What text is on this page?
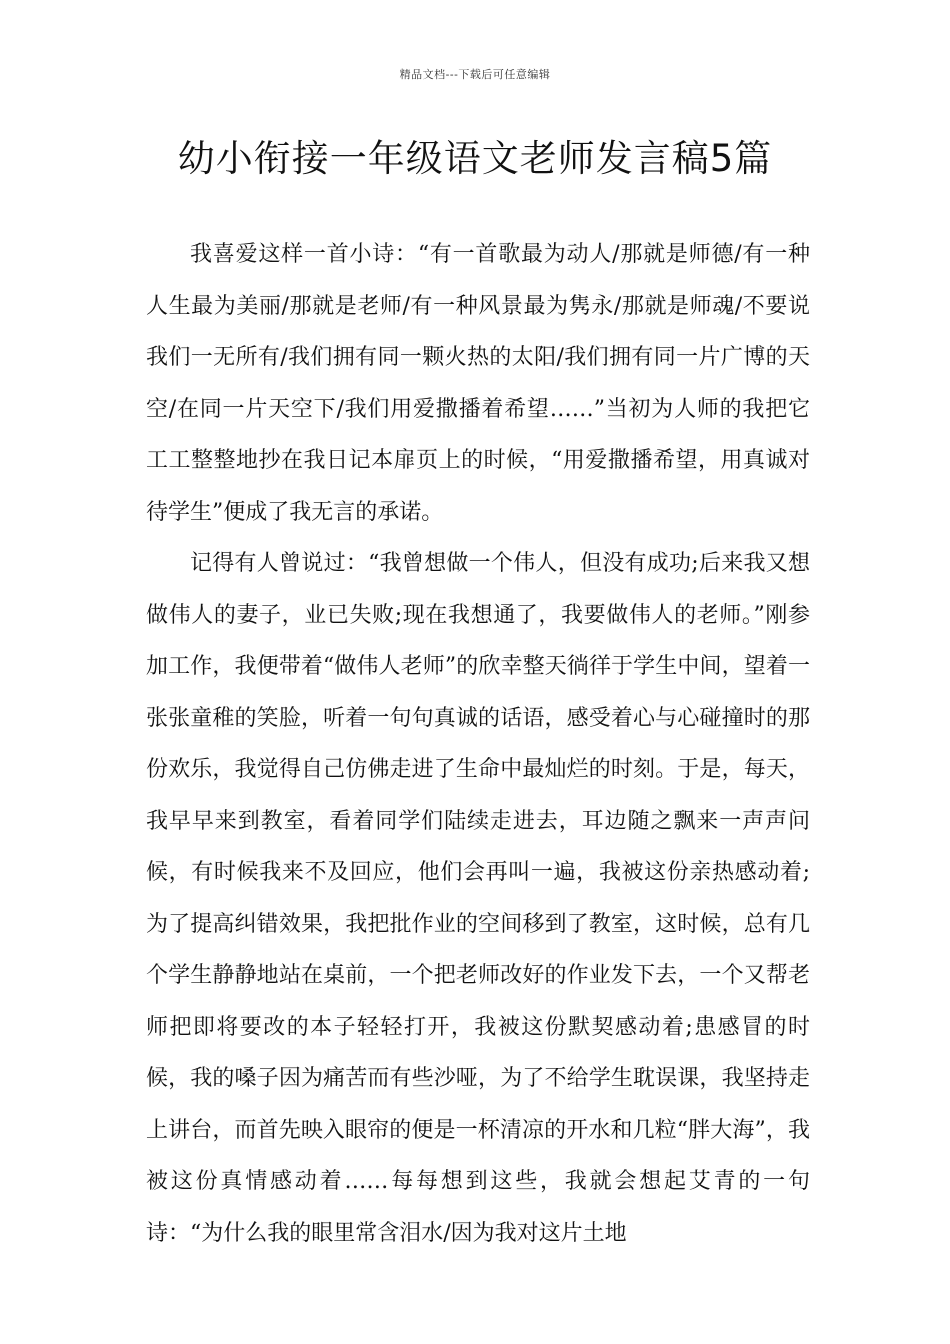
精品文档---下载后可任意编辑
幼小衔接一年级语文老师发言稿5篇

我喜爱这样一首小诗：“有一首歌最为动人/那就是师德/有一种人生最为美丽/那就是老师/有一种风景最为隽永/那就是师魂/不要说我们一无所有/我们拥有同一颗火热的太阳/我们拥有同一片广博的天空/在同一片天空下/我们用爱撒播着希望……”当初为人师的我把它工工整整地抄在我日记本扉页上的时候，“用爱撒播希望，用真诚对待学生”便成了我无言的承诺。

记得有人曾说过：“我曾想做一个伟人，但没有成功;后来我又想做伟人的妻子，业已失败;现在我想通了，我要做伟人的老师。”刚参加工作，我便带着“做伟人老师”的欣幸整天徜徉于学生中间，望着一张张童稚的笑脸，听着一句句真诚的话语，感受着心与心碰撞时的那份欢乐，我觉得自己仿佛走进了生命中最灿烂的时刻。于是，每天，我早早来到教室，看着同学们陆续走进去，耳边随之飘来一声声问候，有时候我来不及回应，他们会再叫一遍，我被这份亲热感动着;为了提高纠错效果，我把批作业的空间移到了教室，这时候，总有几个学生静静地站在桌前，一个把老师改好的作业发下去，一个又帮老师把即将要改的本子轻轻打开，我被这份默契感动着;患感冒的时候，我的嗓子因为痛苦而有些沙哑，为了不给学生耽误课，我坚持走上讲台，而首先映入眼帘的便是一杯清凉的开水和几粒“胖大海”，我被这份真情感动着……每每想到这些，我就会想起艾青的一句诗：“为什么我的眼里常含泪水/因为我对这片土地
